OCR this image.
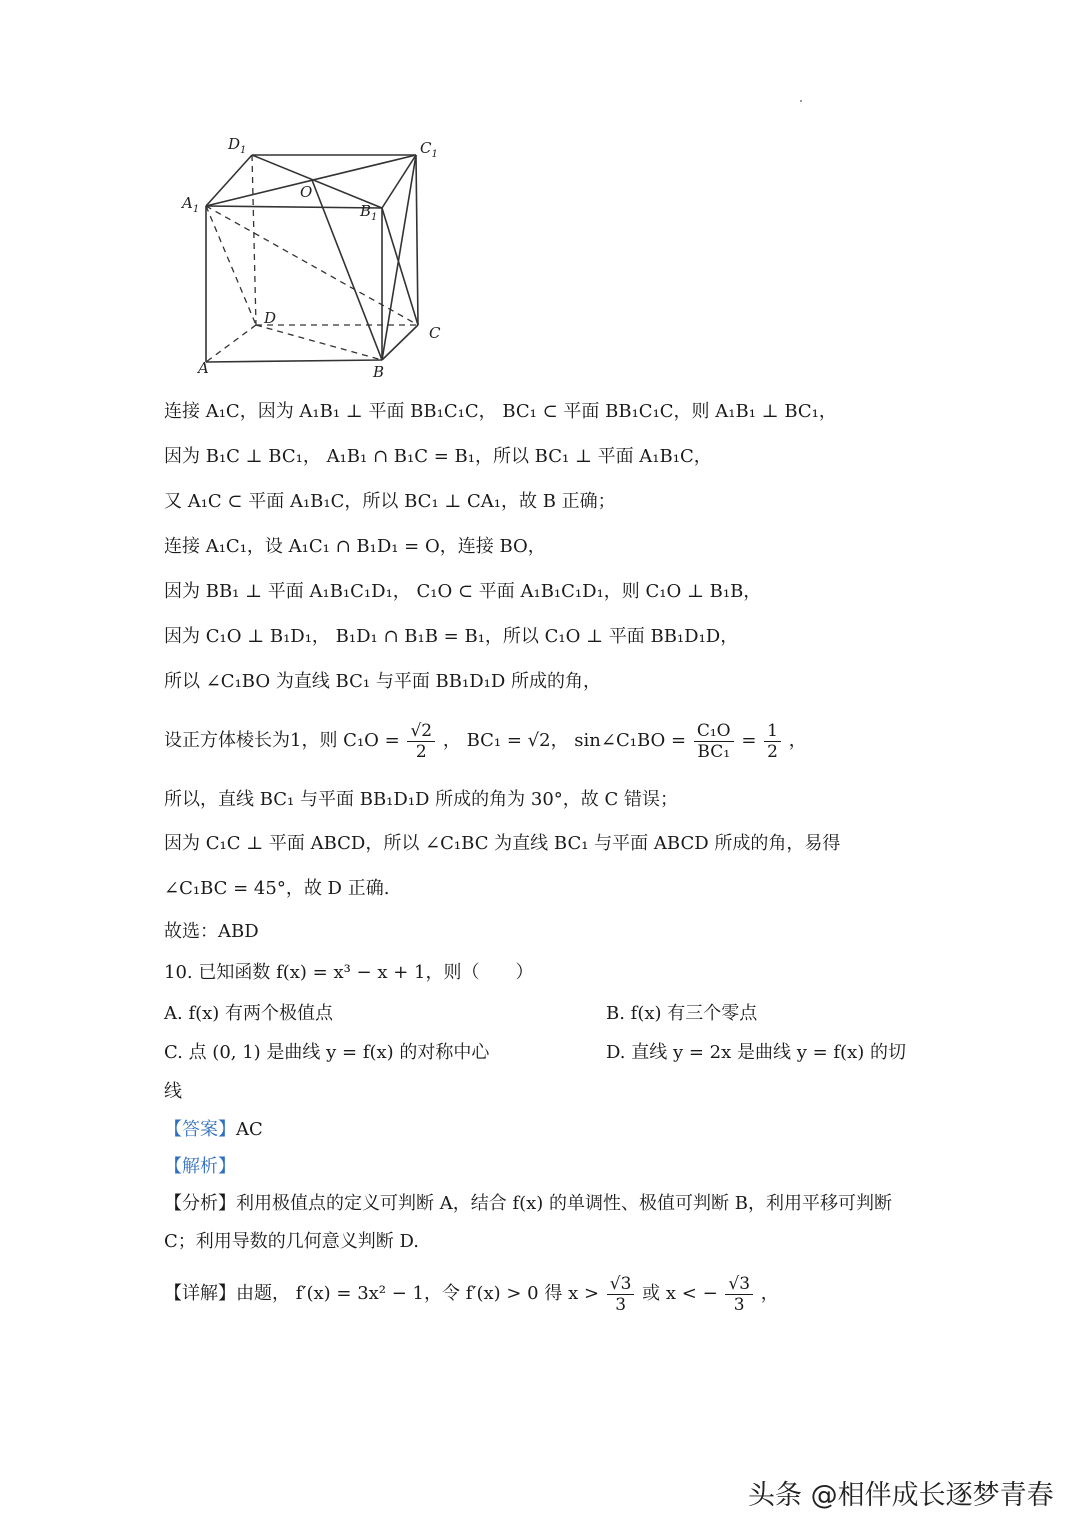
$D_1$	$C_1$
$A_1$	$B_1$
O
D
C
A	B
连接 A₁C，因为 A₁B₁ ⊥ 平面 BB₁C₁C， BC₁ ⊂ 平面 BB₁C₁C，则 A₁B₁ ⊥ BC₁，
因为 B₁C ⊥ BC₁， A₁B₁ ∩ B₁C = B₁，所以 BC₁ ⊥ 平面 A₁B₁C，
又 A₁C ⊂ 平面 A₁B₁C，所以 BC₁ ⊥ CA₁，故 B 正确；
连接 A₁C₁，设 A₁C₁ ∩ B₁D₁ = O，连接 BO，
因为 BB₁ ⊥ 平面 A₁B₁C₁D₁， C₁O ⊂ 平面 A₁B₁C₁D₁，则 C₁O ⊥ B₁B，
因为 C₁O ⊥ B₁D₁， B₁D₁ ∩ B₁B = B₁，所以 C₁O ⊥ 平面 BB₁D₁D，
所以 ∠C₁BO 为直线 BC₁ 与平面 BB₁D₁D 所成的角，
设正方体棱长为1，则 $C_1O = \frac{√2}{2}$ ， BC₁ = √2， sin∠C₁BO = $\frac{\text{C₁O}}{\text{BC₁}} = \frac{1}{2}$ ，
所以，直线 BC₁ 与平面 BB₁D₁D 所成的角为 30°，故 C 错误；
因为 C₁C ⊥ 平面 ABCD，所以 ∠C₁BC 为直线 BC₁ 与平面 ABCD 所成的角，易得
∠C₁BC = 45°，故 D 正确.
故选：ABD
10. 已知函数 f(x) = x³ − x + 1，则（　　）
A. f(x) 有两个极值点	B. f(x) 有三个零点
C. 点 (0, 1) 是曲线 y = f(x) 的对称中心	D. 直线 y = 2x 是曲线 y = f(x) 的切
线
【答案】AC
【解析】
【分析】利用极值点的定义可判断 A，结合 f(x) 的单调性、极值可判断 B，利用平移可判断
C；利用导数的几何意义判断 D.
【详解】由题， f′(x) = 3x² − 1，令 f′(x) > 0 得 $x > \frac{√3}{3}$ 或 x < − $\frac{√3}{3}$ ，
头条 @相伴成长逐梦青春
